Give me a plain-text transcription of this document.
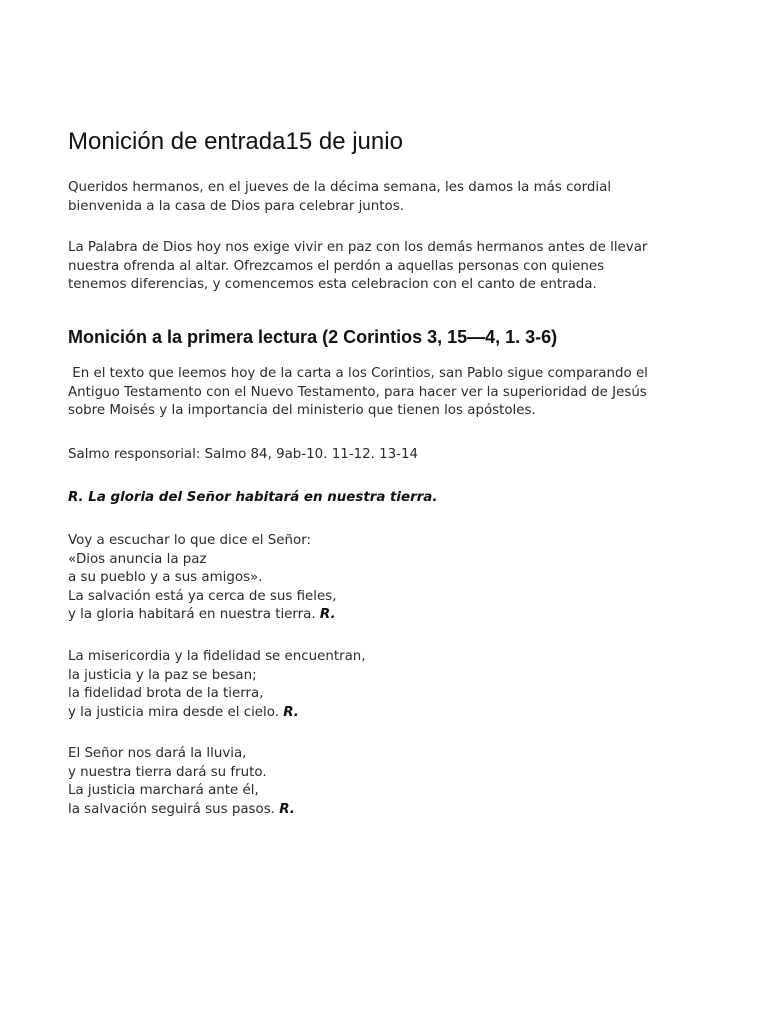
Monición de entrada15 de junio

Queridos hermanos, en el jueves de la décima semana, les damos la más cordial
bienvenida a la casa de Dios para celebrar juntos.

La Palabra de Dios hoy nos exige vivir en paz con los demás hermanos antes de llevar
nuestra ofrenda al altar. Ofrezcamos el perdón a aquellas personas con quienes
tenemos diferencias, y comencemos esta celebracion con el canto de entrada.

Monición a la primera lectura (2 Corintios 3, 15—4, 1. 3-6)

En el texto que leemos hoy de la carta a los Corintios, san Pablo sigue comparando el
Antiguo Testamento con el Nuevo Testamento, para hacer ver la superioridad de Jesús
sobre Moisés y la importancia del ministerio que tienen los apóstoles.

Salmo responsorial: Salmo 84, 9ab-10. 11-12. 13-14

R. La gloria del Señor habitará en nuestra tierra.

Voy a escuchar lo que dice el Señor:
«Dios anuncia la paz
a su pueblo y a sus amigos».
La salvación está ya cerca de sus fieles,
y la gloria habitará en nuestra tierra. R.

La misericordia y la fidelidad se encuentran,
la justicia y la paz se besan;
la fidelidad brota de la tierra,
y la justicia mira desde el cielo. R.

El Señor nos dará la lluvia,
y nuestra tierra dará su fruto.
La justicia marchará ante él,
la salvación seguirá sus pasos. R.
